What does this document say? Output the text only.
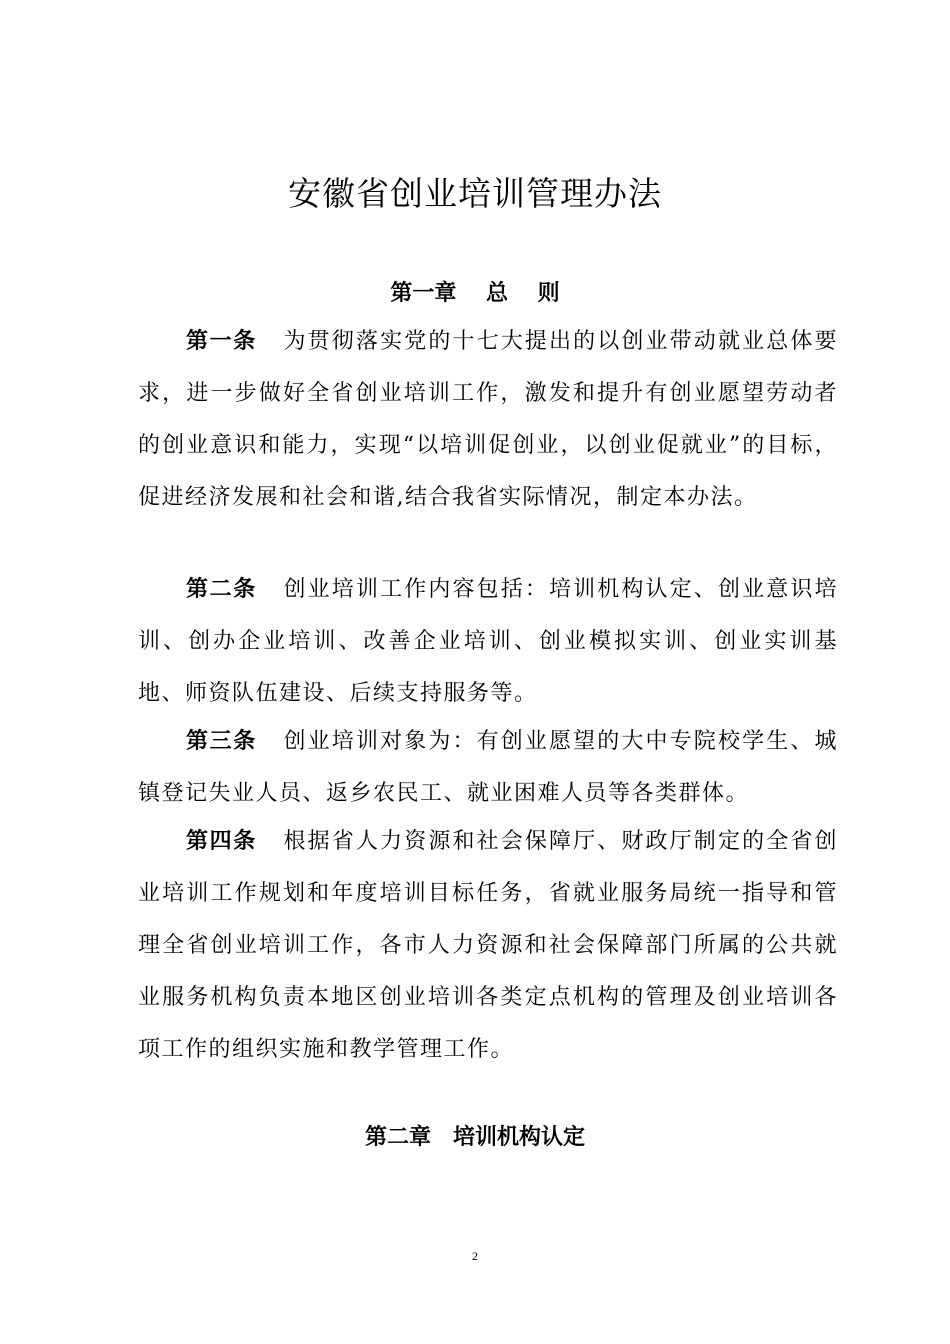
安徽省创业培训管理办法
第一章　 总　 则

第一条 为贯彻落实党的十七大提出的以创业带动就业总体要求，进一步做好全省创业培训工作，激发和提升有创业愿望劳动者的创业意识和能力，实现“以培训促创业，以创业促就业”的目标，促进经济发展和社会和谐,结合我省实际情况，制定本办法。

第二条 创业培训工作内容包括：培训机构认定、创业意识培训、创办企业培训、改善企业培训、创业模拟实训、创业实训基地、师资队伍建设、后续支持服务等。

第三条 创业培训对象为：有创业愿望的大中专院校学生、城镇登记失业人员、返乡农民工、就业困难人员等各类群体。

第四条 根据省人力资源和社会保障厅、财政厅制定的全省创业培训工作规划和年度培训目标任务，省就业服务局统一指导和管理全省创业培训工作，各市人力资源和社会保障部门所属的公共就业服务机构负责本地区创业培训各类定点机构的管理及创业培训各项工作的组织实施和教学管理工作。

第二章　培训机构认定
2
